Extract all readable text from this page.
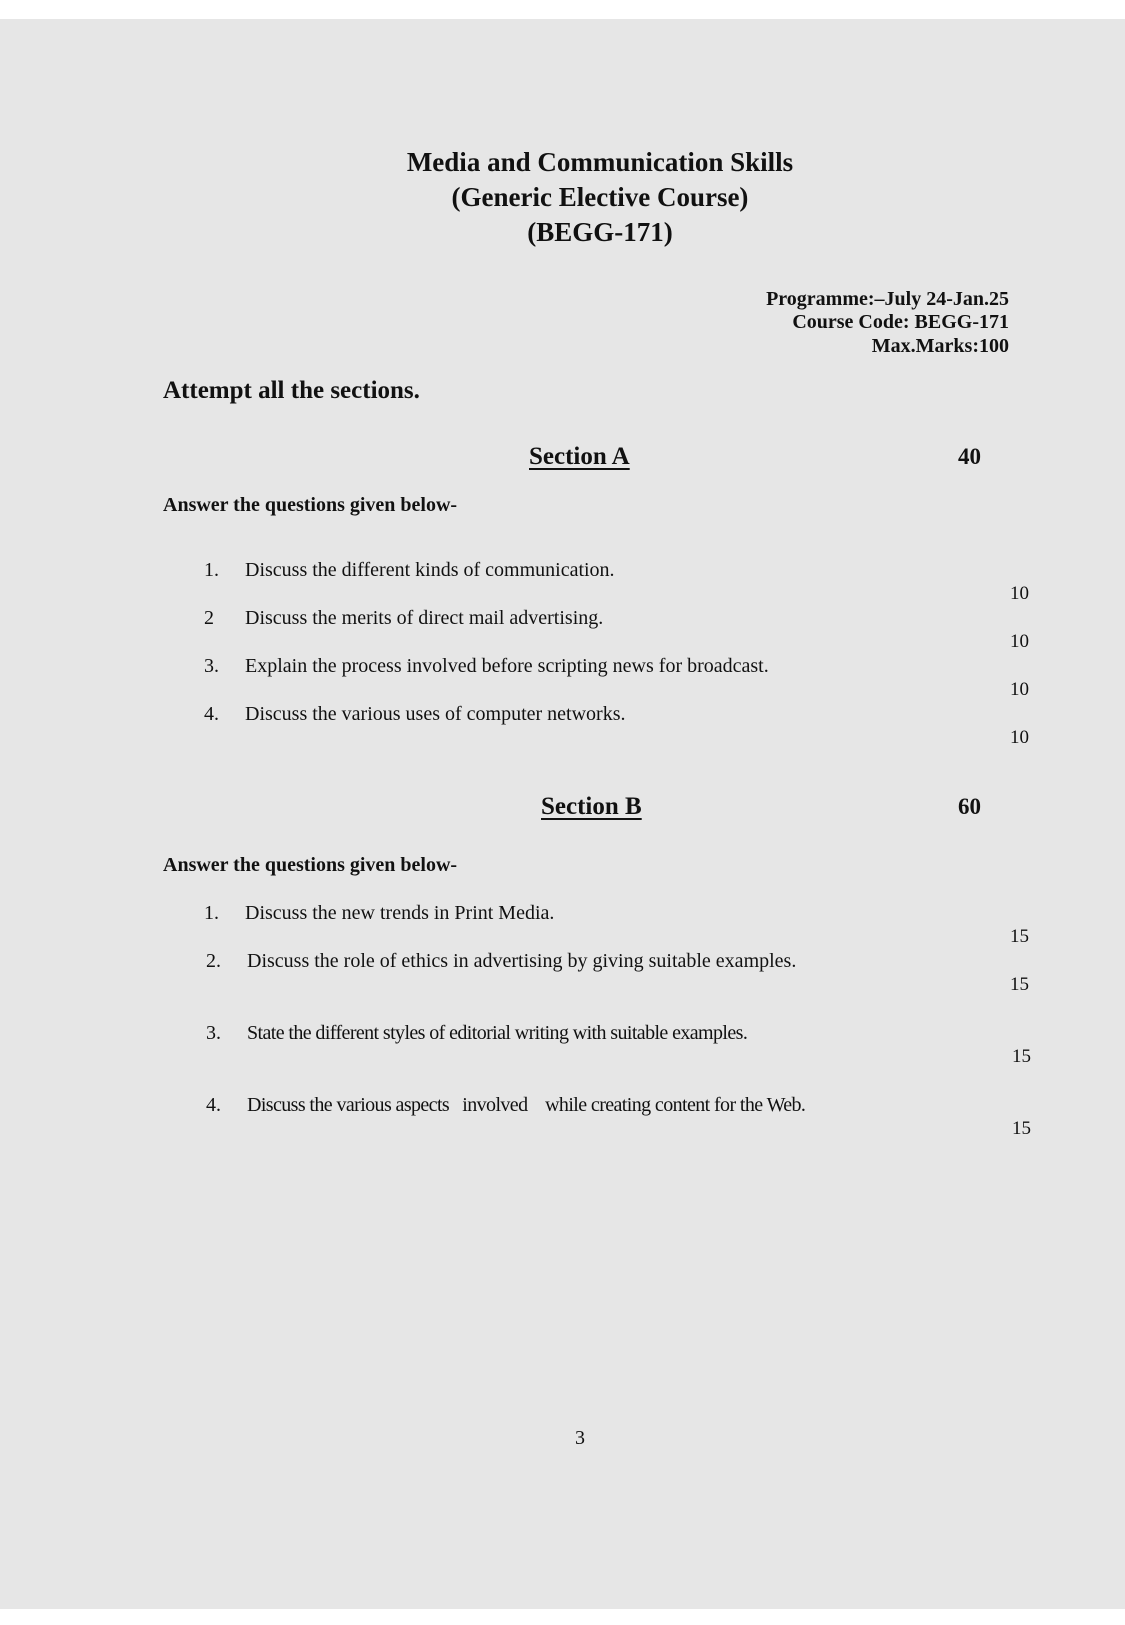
Media and Communication Skills
(Generic Elective Course)
(BEGG-171)
Programme:–July 24-Jan.25
Course Code: BEGG-171
Max.Marks:100
Attempt all the sections.
Section A	40
Answer the questions given below-
1. Discuss the different kinds of communication.
10
2 Discuss the merits of direct mail advertising.
10
3. Explain the process involved before scripting news for broadcast.
10
4. Discuss the various uses of computer networks.
10
Section B	60
Answer the questions given below-
1. Discuss the new trends in Print Media.
15
2. Discuss the role of ethics in advertising by giving suitable examples.
15
3. State the different styles of editorial writing with suitable examples.
15
4. Discuss the various aspects   involved    while creating content for the Web.
15
3
